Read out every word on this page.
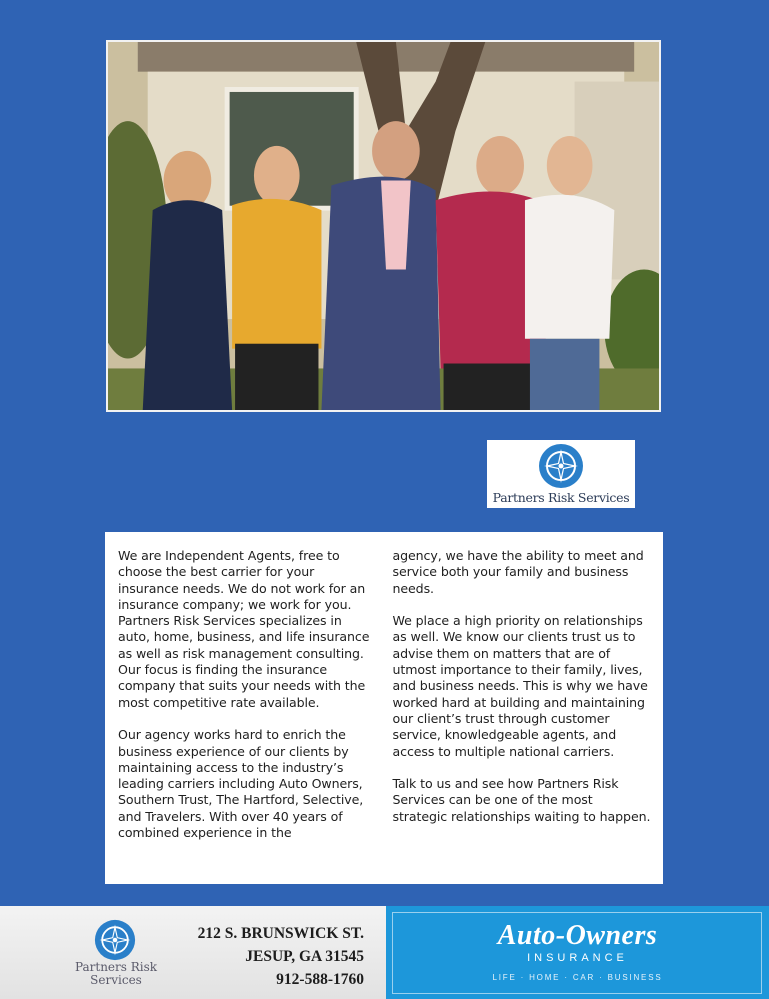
Partners Risk Services

We are Independent Agents, free to choose the best carrier for your insurance needs. We do not work for an insurance company; we work for you. Partners Risk Services specializes in auto, home, business, and life insurance as well as risk management consulting. Our focus is finding the insurance company that suits your needs with the most competitive rate available.

Our agency works hard to enrich the business experience of our clients by maintaining access to the industry’s leading carriers including Auto Owners, Southern Trust, The Hartford, Selective, and Travelers. With over 40 years of combined experience in the

agency, we have the ability to meet and service both your family and business needs.

We place a high priority on relationships as well. We know our clients trust us to advise them on matters that are of utmost importance to their family, lives, and business needs. This is why we have worked hard at building and maintaining our client’s trust through customer service, knowledgeable agents, and access to multiple national carriers.

Talk to us and see how Partners Risk Services can be one of the most strategic relationships waiting to happen.

Partners Risk
Services
212 S. BRUNSWICK ST.
JESUP, GA 31545
912-588-1760
Auto-Owners
INSURANCE
LIFE · HOME · CAR · BUSINESS
